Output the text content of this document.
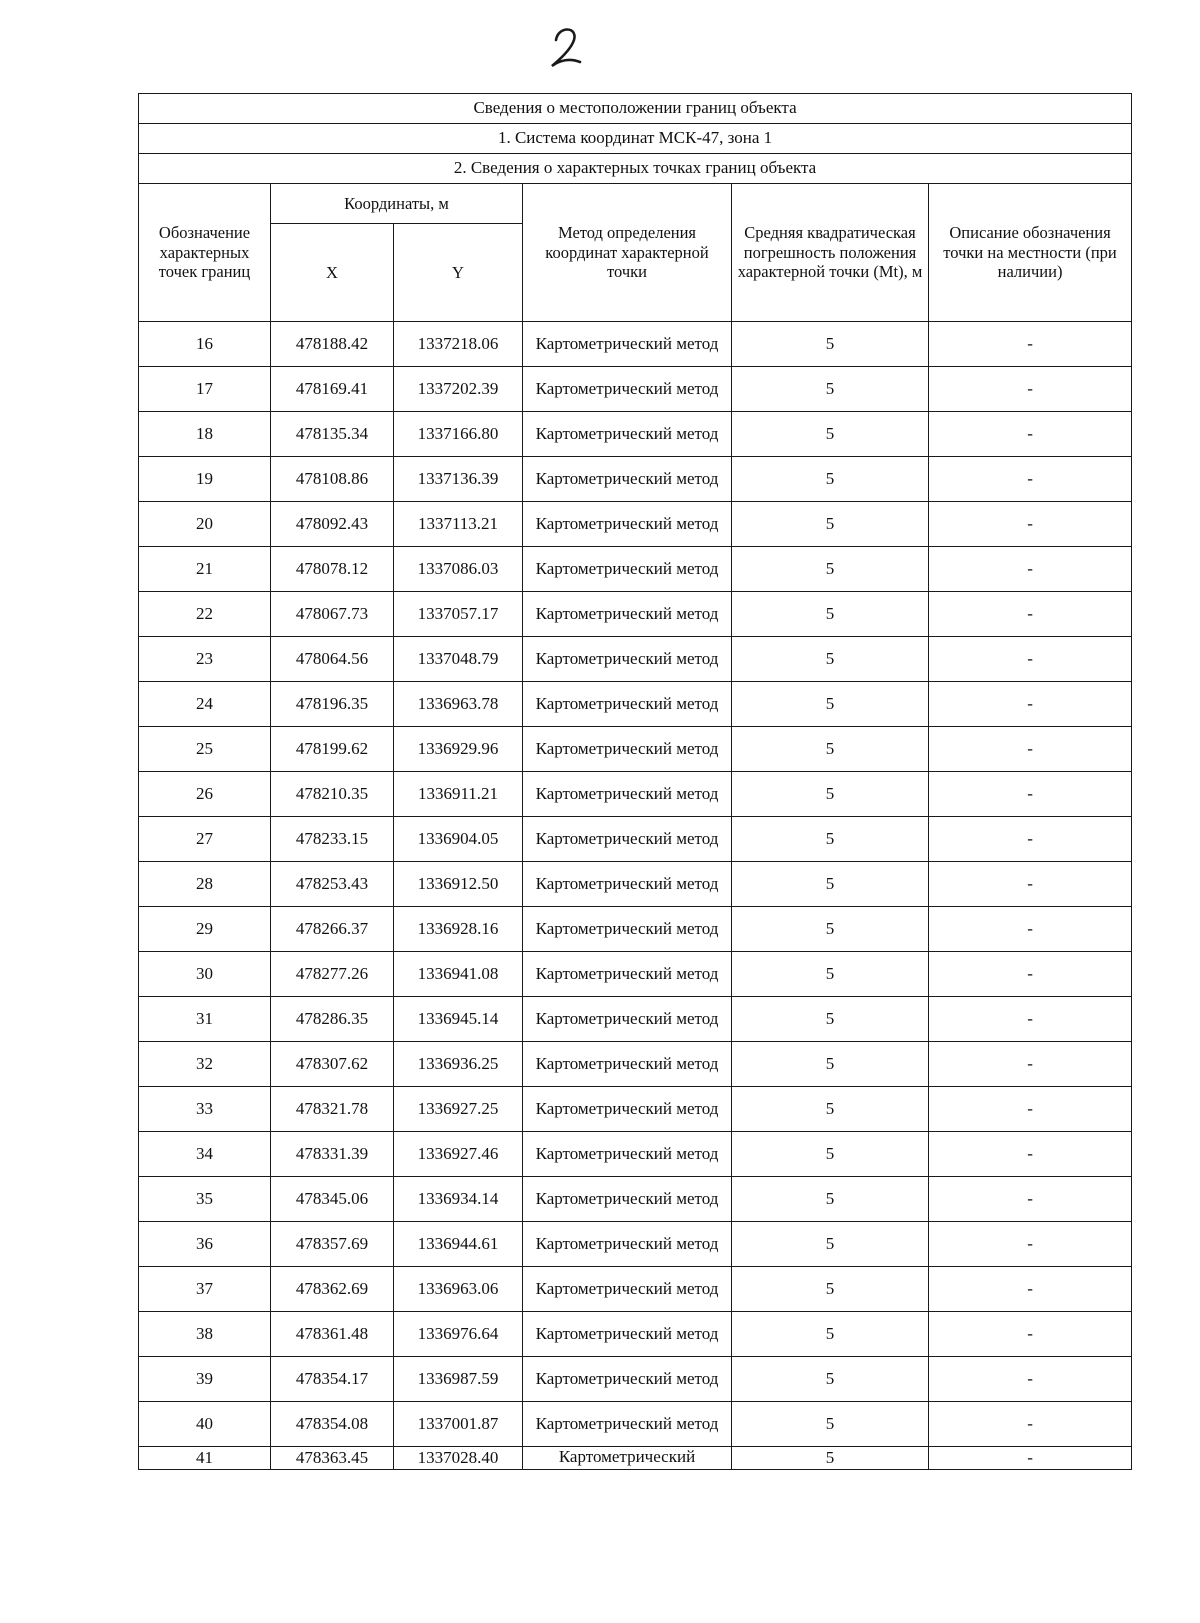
Сведения о местоположении границ объекта					
1. Система координат МСК-47, зона 1					
2. Сведения о характерных точках границ объекта					
Обозначение характерных точек границ	Координаты, м		Метод определения координат характерной точки	Средняя квадратическая погрешность положения характерной точки (Mt), м	Описание обозначения точки на местности (при наличии)
	X	Y			
16	478188.42	1337218.06	Картометрический метод	5	-
17	478169.41	1337202.39	Картометрический метод	5	-
18	478135.34	1337166.80	Картометрический метод	5	-
19	478108.86	1337136.39	Картометрический метод	5	-
20	478092.43	1337113.21	Картометрический метод	5	-
21	478078.12	1337086.03	Картометрический метод	5	-
22	478067.73	1337057.17	Картометрический метод	5	-
23	478064.56	1337048.79	Картометрический метод	5	-
24	478196.35	1336963.78	Картометрический метод	5	-
25	478199.62	1336929.96	Картометрический метод	5	-
26	478210.35	1336911.21	Картометрический метод	5	-
27	478233.15	1336904.05	Картометрический метод	5	-
28	478253.43	1336912.50	Картометрический метод	5	-
29	478266.37	1336928.16	Картометрический метод	5	-
30	478277.26	1336941.08	Картометрический метод	5	-
31	478286.35	1336945.14	Картометрический метод	5	-
32	478307.62	1336936.25	Картометрический метод	5	-
33	478321.78	1336927.25	Картометрический метод	5	-
34	478331.39	1336927.46	Картометрический метод	5	-
35	478345.06	1336934.14	Картометрический метод	5	-
36	478357.69	1336944.61	Картометрический метод	5	-
37	478362.69	1336963.06	Картометрический метод	5	-
38	478361.48	1336976.64	Картометрический метод	5	-
39	478354.17	1336987.59	Картометрический метод	5	-
40	478354.08	1337001.87	Картометрический метод	5	-
41	478363.45	1337028.40	Картометрический	5	-
